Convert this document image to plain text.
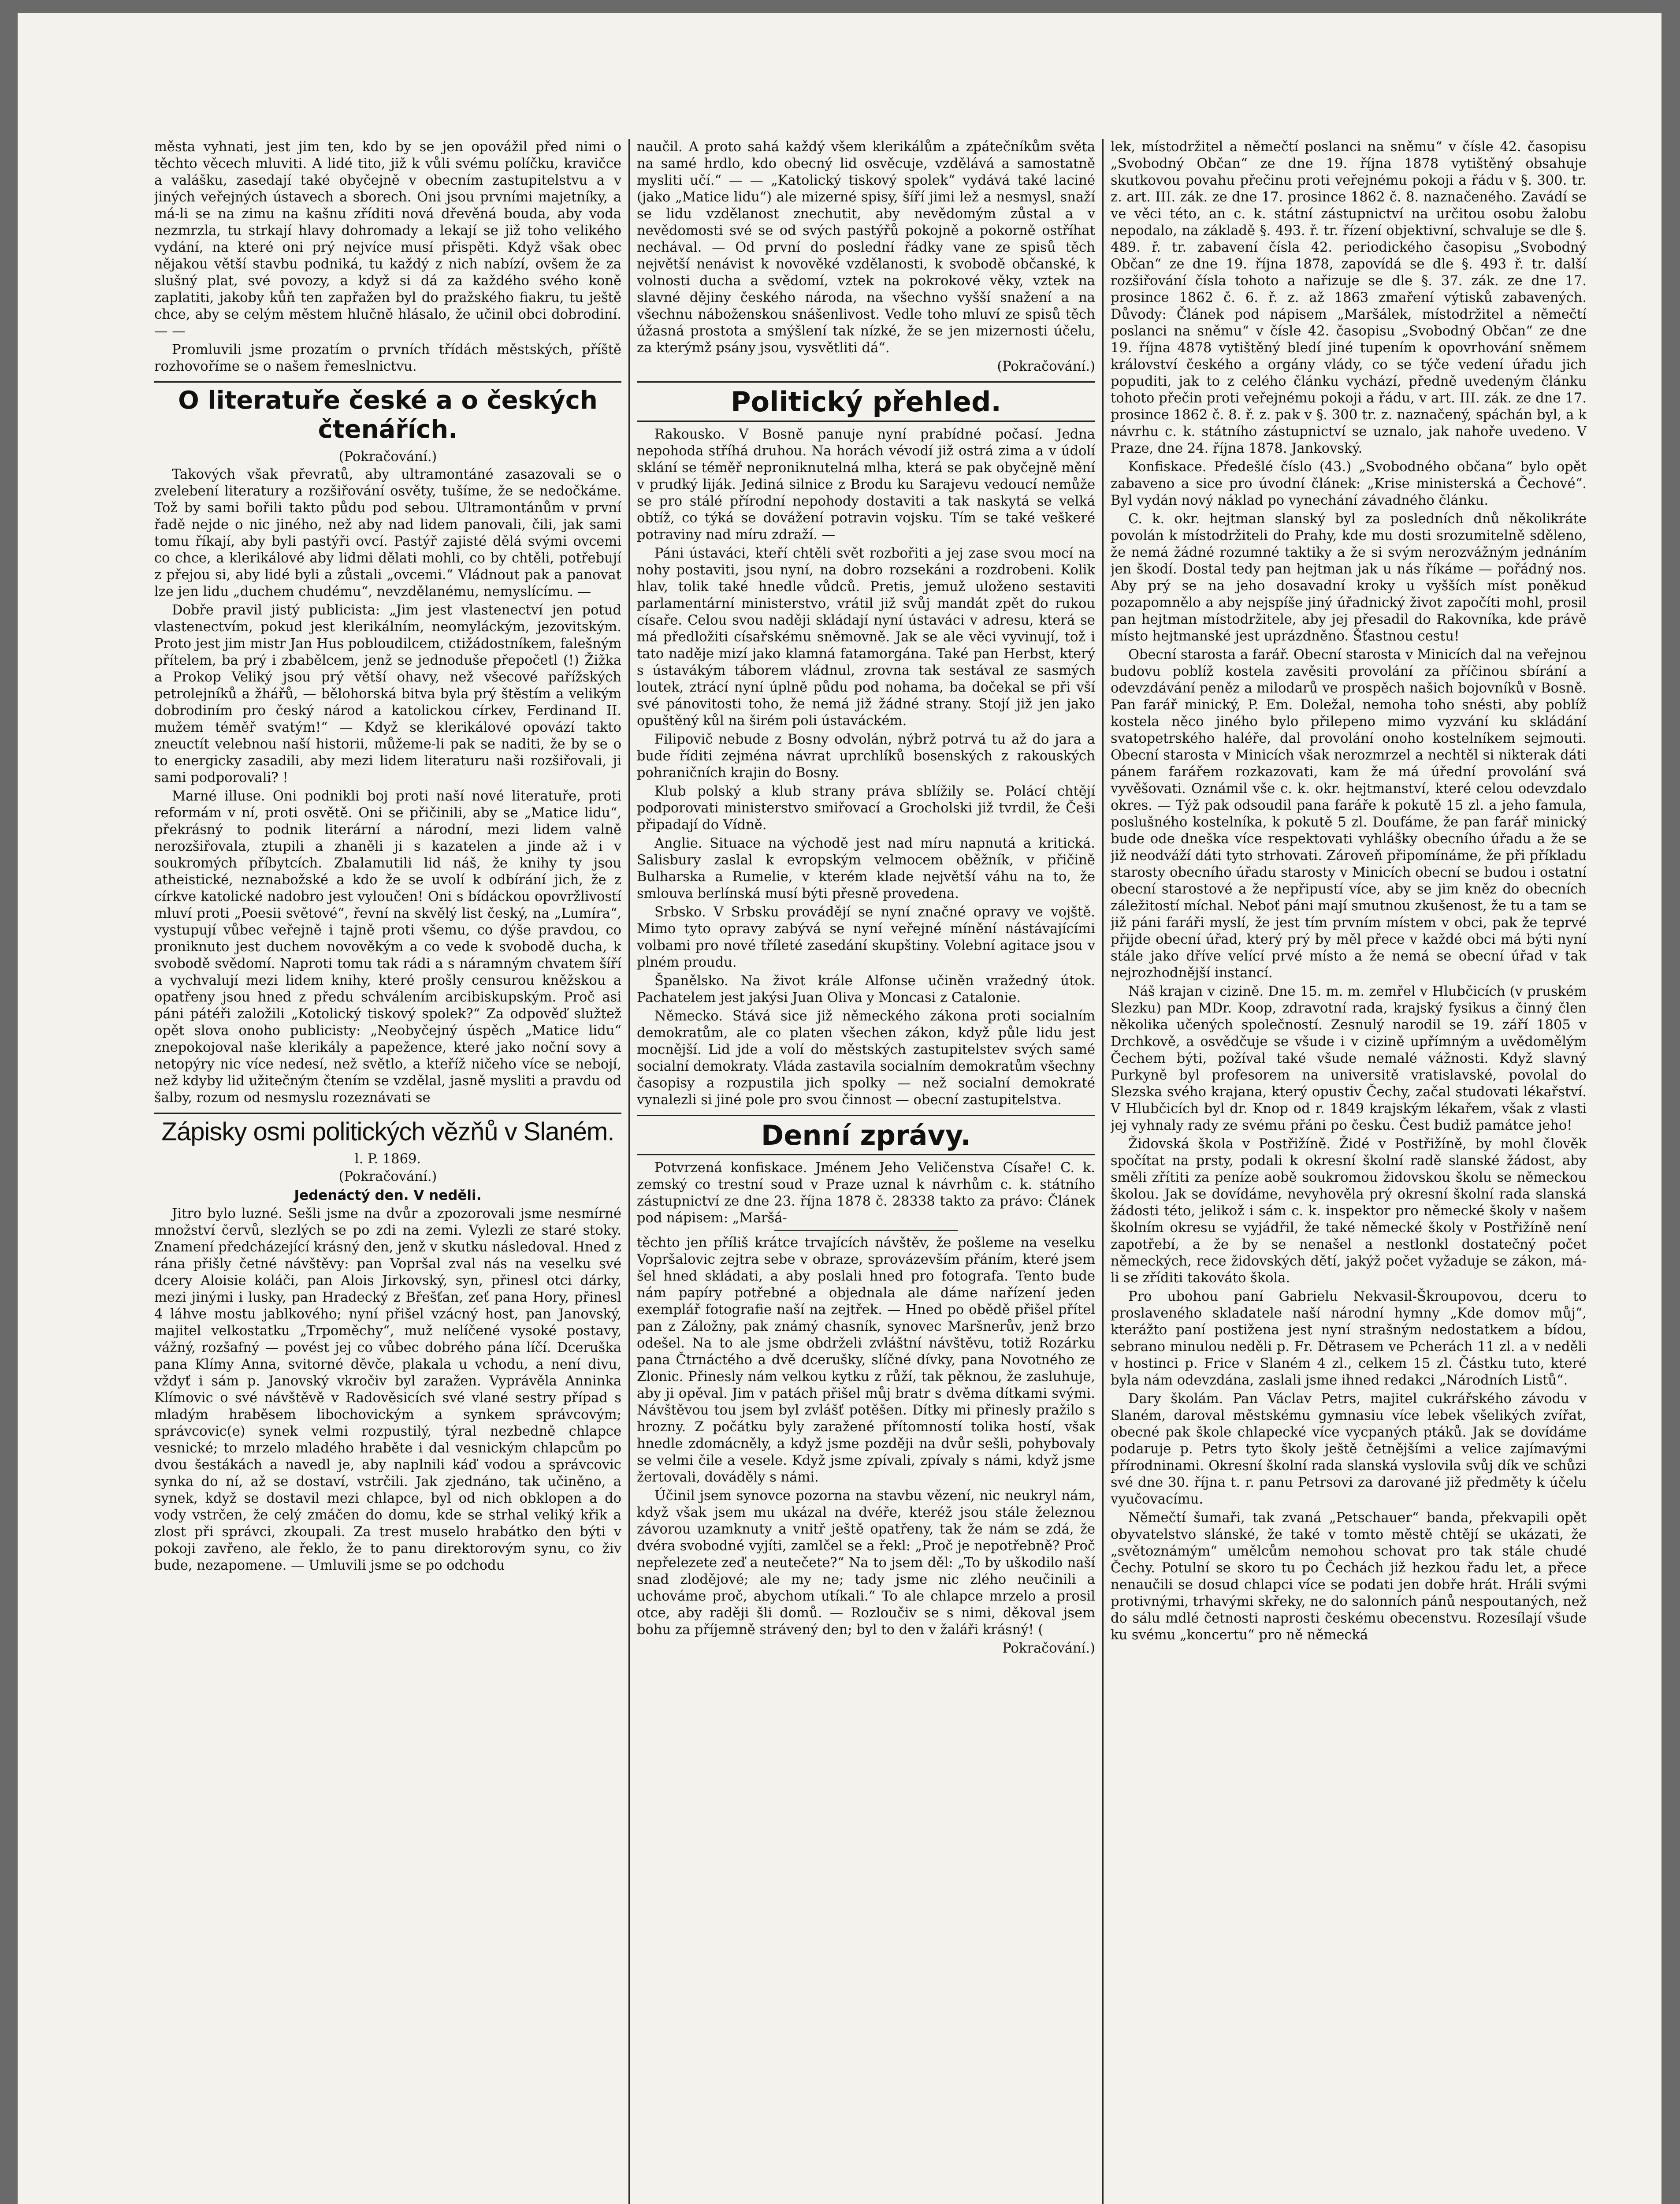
města vyhnati, jest jim ten, kdo by se jen opovážil před nimi o těchto věcech mluviti. A lidé tito, již k vůli svému políčku, kravičce a valášku, zasedají také obyčejně v obecním zastupitelstvu a v jiných veřejných ústavech a sborech. Oni jsou prvními majetníky, a má-li se na zimu na kašnu zříditi nová dřevěná bouda, aby voda nezmrzla, tu strkají hlavy dohromady a lekají se již toho velikého vydání, na které oni prý nejvíce musí přispěti. Když však obec nějakou větší stavbu podniká, tu každý z nich nabízí, ovšem že za slušný plat, své povozy, a když si dá za každého svého koně zaplatiti, jakoby kůň ten zapřažen byl do pražského fiakru, tu ještě chce, aby se celým městem hlučně hlásalo, že učinil obci dobrodiní. — —

Promluvili jsme prozatím o prvních třídách městských, příště rozhovoříme se o našem řemeslnictvu.

O literatuře české a o českých čtenářích.

(Pokračování.)

Takových však převratů, aby ultramontáné zasazovali se o zvelebení literatury a rozšiřování osvěty, tušíme, že se nedočkáme. Tož by sami bořili takto půdu pod sebou. Ultramontánům v první řadě nejde o nic jiného, než aby nad lidem panovali, čili, jak sami tomu říkají, aby byli pastýři ovcí. Pastýř zajisté dělá svými ovcemi co chce, a klerikálové aby lidmi dělati mohli, co by chtěli, potřebují z přejou si, aby lidé byli a zůstali „ovcemi.“ Vládnout pak a panovat lze jen lidu „duchem chudému“, nevzdělanému, nemyslícímu. —

Dobře pravil jistý publicista: „Jim jest vlastenectví jen potud vlastenectvím, pokud jest klerikálním, neomyláckým, jezovitským. Proto jest jim mistr Jan Hus pobloudilcem, ctižádostníkem, falešným přítelem, ba prý i zbabělcem, jenž se jednoduše přepočetl (!) Žižka a Prokop Veliký jsou prý větší ohavy, než všecové pařížských petrolejníků a žhářů, — bělohorská bitva byla prý štěstím a velikým dobrodiním pro český národ a katolickou církev, Ferdinand II. mužem téměř svatým!“ — Když se klerikálové opovází takto zneuctít velebnou naší historii, můžeme-li pak se naditi, že by se o to energicky zasadili, aby mezi lidem literaturu naši rozšiřovali, ji sami podporovali? !

Marné illuse. Oni podnikli boj proti naší nové literatuře, proti reformám v ní, proti osvětě. Oni se přičinili, aby se „Matice lidu“, překrásný to podnik literární a národní, mezi lidem valně nerozšiřovala, ztupili a zhaněli ji s kazatelen a jinde až i v soukromých příbytcích. Zbalamutili lid náš, že knihy ty jsou atheistické, neznabožské a kdo že se uvolí k odbírání jich, že z církve katolické nadobro jest vyloučen! Oni s bídáckou opovržlivostí mluví proti „Poesii světové“, řevní na skvělý list český, na „Lumíra“, vystupují vůbec veřejně i tajně proti všemu, co dýše pravdou, co proniknuto jest duchem novověkým a co vede k svobodě ducha, k svobodě svědomí. Naproti tomu tak rádi a s náramným chvatem šíří a vychvalují mezi lidem knihy, které prošly censurou kněžskou a opatřeny jsou hned z předu schválením arcibiskupským. Proč asi páni pátéři založili „Kotolický tiskový spolek?“ Za odpověď služtež opět slova onoho publicisty: „Neobyčejný úspěch „Matice lidu“ znepokojoval naše klerikály a papežence, které jako noční sovy a netopýry nic více nedesí, než světlo, a kteříž ničeho více se nebojí, než kdyby lid užitečným čtením se vzdělal, jasně mysliti a pravdu od šalby, rozum od nesmyslu rozeznávati se

Zápisky osmi politických vězňů v Slaném.

l. P. 1869.

(Pokračování.)

Jedenáctý den. V neděli.

Jitro bylo luzné. Sešli jsme na dvůr a zpozorovali jsme nesmírné množství červů, slezlých se po zdi na zemi. Vylezli ze staré stoky. Znamení předcházející krásný den, jenž v skutku následoval. Hned z rána přišly četné návštěvy: pan Vopršal zval nás na veselku své dcery Aloisie koláči, pan Alois Jirkovský, syn, přinesl otci dárky, mezi jinými i lusky, pan Hradecký z Břešťan, zeť pana Hory, přinesl 4 láhve mostu jablkového; nyní přišel vzácný host, pan Janovský, majitel velkostatku „Trpoměchy“, muž nelíčené vysoké postavy, vážný, rozšafný — povést jej co vůbec dobrého pána líčí. Dceruška pana Klímy Anna, svitorné děvče, plakala u vchodu, a není divu, vždyť i sám p. Janovský vkročiv byl zaražen. Vyprávěla Anninka Klímovic o své návštěvě v Radověsicích své vlané sestry případ s mladým hraběsem libochovickým a synkem správcovým; správcovic(e) synek velmi rozpustilý, týral nezbedně chlapce vesnické; to mrzelo mladého hraběte i dal vesnickým chlapcům po dvou šestákách a navedl je, aby naplnili káď vodou a správcovic synka do ní, až se dostaví, vstrčili. Jak zjednáno, tak učiněno, a synek, když se dostavil mezi chlapce, byl od nich obklopen a do vody vstrčen, že celý zmáčen do domu, kde se strhal veliký křik a zlost při správci, zkoupali. Za trest muselo hrabátko den býti v pokoji zavřeno, ale řeklo, že to panu direktorovým synu, co živ bude, nezapomene. — Umluvili jsme se po odchodu

naučil. A proto sahá každý všem klerikálům a zpátečníkům světa na samé hrdlo, kdo obecný lid osvěcuje, vzdělává a samostatně mysliti učí.“ — — „Katolický tiskový spolek“ vydává také laciné (jako „Matice lidu“) ale mizerné spisy, šíří jimi lež a nesmysl, snaží se lidu vzdělanost znechutit, aby nevědomým zůstal a v nevědomosti své se od svých pastýřů pokojně a pokorně ostříhat nechával. — Od první do poslední řádky vane ze spisů těch největší nenávist k novověké vzdělanosti, k svobodě občanské, k volnosti ducha a svědomí, vztek na pokrokové věky, vztek na slavné dějiny českého národa, na všechno vyšší snažení a na všechnu náboženskou snášenlivost. Vedle toho mluví ze spisů těch úžasná prostota a smýšlení tak nízké, že se jen mizernosti účelu, za kterýmž psány jsou, vysvětliti dá“.

(Pokračování.)

Politický přehled.

Rakousko. V Bosně panuje nyní prabídné počasí. Jedna nepohoda stříhá druhou. Na horách vévodí již ostrá zima a v údolí sklání se téměř neproniknutelná mlha, která se pak obyčejně mění v prudký liják. Jediná silnice z Brodu ku Sarajevu vedoucí nemůže se pro stálé přírodní nepohody dostaviti a tak naskytá se velká obtíž, co týká se dovážení potravin vojsku. Tím se také veškeré potraviny nad míru zdraží. —

Páni ústaváci, kteří chtěli svět rozbořiti a jej zase svou mocí na nohy postaviti, jsou nyní, na dobro rozsekáni a rozdrobeni. Kolik hlav, tolik také hnedle vůdců. Pretis, jemuž uloženo sestaviti parlamentární ministerstvo, vrátil již svůj mandát zpět do rukou císaře. Celou svou naději skládají nyní ústaváci v adresu, která se má předložiti císařskému sněmovně. Jak se ale věci vyvinují, tož i tato naděje mizí jako klamná fatamorgána. Také pan Herbst, který s ústavákým táborem vládnul, zrovna tak sestával ze sasmých loutek, ztrácí nyní úplně půdu pod nohama, ba dočekal se při vší své pánovitosti toho, že nemá již žádné strany. Stojí již jen jako opuštěný kůl na širém poli ústaváckém.

Filipovič nebude z Bosny odvolán, nýbrž potrvá tu až do jara a bude říditi zejména návrat uprchlíků bosenských z rakouských pohraničních krajin do Bosny.

Klub polský a klub strany práva sblížily se. Polácí chtějí podporovati ministerstvo smiřovací a Grocholski již tvrdil, že Češi připadají do Vídně.

Anglie. Situace na východě jest nad míru napnutá a kritická. Salisbury zaslal k evropským velmocem oběžník, v přičině Bulharska a Rumelie, v kterém klade největší váhu na to, že smlouva berlínská musí býti přesně provedena.

Srbsko. V Srbsku provádějí se nyní značné opravy ve vojště. Mimo tyto opravy zabývá se nyní veřejné mínění nástávajícími volbami pro nové tříleté zasedání skupštiny. Volební agitace jsou v plném proudu.

Španělsko. Na život krále Alfonse učiněn vražedný útok. Pachatelem jest jakýsi Juan Oliva y Moncasi z Catalonie.

Německo. Stává sice již německého zákona proti socialním demokratům, ale co platen všechen zákon, když půle lidu jest mocnější. Lid jde a volí do městských zastupitelstev svých samé socialní demokraty. Vláda zastavila socialním demokratům všechny časopisy a rozpustila jich spolky — než socialní demokraté vynalezli si jiné pole pro svou činnost — obecní zastupitelstva.

Denní zprávy.

Potvrzená konfiskace. Jménem Jeho Veličenstva Císaře! C. k. zemský co trestní soud v Praze uznal k návrhům c. k. státního zástupnictví ze dne 23. října 1878 č. 28338 takto za právo: Článek pod nápisem: „Maršá-

těchto jen příliš krátce trvajících návštěv, že pošleme na veselku Vopršalovic zejtra sebe v obraze, sprovázevším přáním, které jsem šel hned skládati, a aby poslali hned pro fotografa. Tento bude nám papíry potřebné a objednala ale dáme nařízení jeden exemplář fotografie naší na zejtřek. — Hned po obědě přišel přítel pan z Záložny, pak známý chasník, synovec Maršnerův, jenž brzo odešel. Na to ale jsme obdrželi zvláštní návštěvu, totiž Rozárku pana Čtrnáctého a dvě dcerušky, slíčné dívky, pana Novotného ze Zlonic. Přinesly nám velkou kytku z růží, tak pěknou, že zasluhuje, aby ji opěval. Jim v patách přišel můj bratr s dvěma dítkami svými. Návštěvou tou jsem byl zvlášť potěšen. Dítky mi přinesly pražilo s hrozny. Z počátku byly zaražené přítomností tolika hostí, však hnedle zdomácněly, a když jsme později na dvůr sešli, pohybovaly se velmi čile a vesele. Když jsme zpívali, zpívaly s námi, když jsme žertovali, dováděly s námi.

Účinil jsem synovce pozorna na stavbu vězení, nic neukryl nám, když však jsem mu ukázal na dvéře, kteréž jsou stále železnou závorou uzamknuty a vnitř ještě opatřeny, tak že nám se zdá, že dvéra svobodné vyjíti, zamlčel se a řekl: „Proč je nepotřebně? Proč nepřelezete zeď a neutečete?“ Na to jsem děl: „To by uškodilo naší snad zlodějové; ale my ne; tady jsme nic zlého neučinili a uchováme proč, abychom utíkali.“ To ale chlapce mrzelo a prosil otce, aby raději šli domů. — Rozloučiv se s nimi, děkoval jsem bohu za příjemně strávený den; byl to den v žaláři krásný! (

Pokračování.)

lek, místodržitel a němečtí poslanci na sněmu“ v čísle 42. časopisu „Svobodný Občan“ ze dne 19. října 1878 vytištěný obsahuje skutkovou povahu přečinu proti veřejnému pokoji a řádu v §. 300. tr. z. art. III. zák. ze dne 17. prosince 1862 č. 8. naznačeného. Zavádí se ve věci této, an c. k. státní zástupnictví na určitou osobu žalobu nepodalo, na základě §. 493. ř. tr. řízení objektivní, schvaluje se dle §. 489. ř. tr. zabavení čísla 42. periodického časopisu „Svobodný Občan“ ze dne 19. října 1878, zapovídá se dle §. 493 ř. tr. další rozšiřování čísla tohoto a nařizuje se dle §. 37. zák. ze dne 17. prosince 1862 č. 6. ř. z. až 1863 zmaření výtisků zabavených. Důvody: Článek pod nápisem „Maršálek, místodržitel a němečtí poslanci na sněmu“ v čísle 42. časopisu „Svobodný Občan“ ze dne 19. října 4878 vytištěný bledí jiné tupením k opovrhování sněmem království českého a orgány vlády, co se týče vedení úřadu jich popuditi, jak to z celého článku vychází, předně uvedeným článku tohoto přečin proti veřejnému pokoji a řádu, v art. III. zák. ze dne 17. prosince 1862 č. 8. ř. z. pak v §. 300 tr. z. naznačený, spáchán byl, a k návrhu c. k. státního zástupnictví se uznalo, jak nahoře uvedeno. V Praze, dne 24. října 1878. Jankovský.

Konfiskace. Předešlé číslo (43.) „Svobodného občana“ bylo opět zabaveno a sice pro úvodní článek: „Krise ministerská a Čechové“. Byl vydán nový náklad po vynechání závadného článku.

C. k. okr. hejtman slanský byl za posledních dnů několikráte povolán k místodržiteli do Prahy, kde mu dosti srozumitelně sděleno, že nemá žádné rozumné taktiky a že si svým nerozvážným jednáním jen škodí. Dostal tedy pan hejtman jak u nás říkáme — pořádný nos. Aby prý se na jeho dosavadní kroky u vyšších míst poněkud pozapomnělo a aby nejspíše jiný úřadnický život započíti mohl, prosil pan hejtman místodržitele, aby jej přesadil do Rakovníka, kde právě místo hejtmanské jest uprázdněno. Šťastnou cestu!

Obecní starosta a farář. Obecní starosta v Minicích dal na veřejnou budovu poblíž kostela zavěsiti provolání za příčinou sbírání a odevzdávání peněz a milodarů ve prospěch našich bojovníků v Bosně. Pan farář minický, P. Em. Doležal, nemoha toho snésti, aby poblíž kostela něco jiného bylo přilepeno mimo vyzvání ku skládání svatopetrského haléře, dal provolání onoho kostelníkem sejmouti. Obecní starosta v Minicích však nerozmrzel a nechtěl si nikterak dáti pánem farářem rozkazovati, kam že má úřední provolání svá vyvěšovati. Oznámil vše c. k. okr. hejtmanství, které celou odevzdalo okres. — Týž pak odsoudil pana faráře k pokutě 15 zl. a jeho famula, poslušného kostelníka, k pokutě 5 zl. Doufáme, že pan farář minický bude ode dneška více respektovati vyhlášky obecního úřadu a že se již neodváží dáti tyto strhovati. Zároveň připomínáme, že při příkladu starosty obecního úřadu starosty v Minicích obecní se budou i ostatní obecní starostové a že nepřipustí více, aby se jim kněz do obecních záležitostí míchal. Neboť páni mají smutnou zkušenost, že tu a tam se již páni faráři myslí, že jest tím prvním místem v obci, pak že teprvé přijde obecní úřad, který prý by měl přece v každé obci má býti nyní stále jako dříve velící prvé místo a že nemá se obecní úřad v tak nejrozhodnější instancí.

Náš krajan v cizině. Dne 15. m. m. zemřel v Hlubčicích (v pruském Slezku) pan MDr. Koop, zdravotní rada, krajský fysikus a činný člen několika učených společností. Zesnulý narodil se 19. září 1805 v Drchkově, a osvědčuje se všude i v cizině upřímným a uvědomělým Čechem býti, požíval také všude nemalé vážnosti. Když slavný Purkyně byl profesorem na universitě vratislavské, povolal do Slezska svého krajana, který opustiv Čechy, začal studovati lékařství. V Hlubčicích byl dr. Knop od r. 1849 krajským lékařem, však z vlasti jej vyhnaly rady ze svému přáni po česku. Čest budiž památce jeho!

Židovská škola v Postřižíně. Židé v Postřižíně, by mohl člověk spočítat na prsty, podali k okresní školní radě slanské žádost, aby směli zřítiti za peníze aobě soukromou židovskou školu se německou školou. Jak se dovídáme, nevyhověla prý okresní školní rada slanská žádosti této, jelikož i sám c. k. inspektor pro německé školy v našem školním okresu se vyjádřil, že také německé školy v Postřižíně není zapotřebí, a že by se nenašel a nestlonkl dostatečný počet německých, rece židovských dětí, jakýž počet vyžaduje se zákon, má-li se zříditi takováto škola.

Pro ubohou paní Gabrielu Nekvasil-Škroupovou, dceru to proslaveného skladatele naší národní hymny „Kde domov můj“, kterážto paní postižena jest nyní strašným nedostatkem a bídou, sebrano minulou neděli p. Fr. Dětrasem ve Pcherách 11 zl. a v neděli v hostinci p. Frice v Slaném 4 zl., celkem 15 zl. Částku tuto, které byla nám odevzdána, zaslali jsme ihned redakci „Národních Listů“.

Dary školám. Pan Václav Petrs, majitel cukrářského závodu v Slaném, daroval městskému gymnasiu více lebek všelikých zvířat, obecné pak škole chlapecké více vycpaných ptáků. Jak se dovídáme podaruje p. Petrs tyto školy ještě četnějšími a velice zajímavými přírodninami. Okresní školní rada slanská vyslovila svůj dík ve schůzi své dne 30. října t. r. panu Petrsovi za darované již předměty k účelu vyučovacímu.

Němečtí šumaři, tak zvaná „Petschauer“ banda, překvapili opět obyvatelstvo slánské, že také v tomto městě chtějí se ukázati, že „světoznámým“ umělcům nemohou schovat pro tak stále chudé Čechy. Potulní se skoro tu po Čechách již hezkou řadu let, a přece nenaučili se dosud chlapci více se podati jen dobře hrát. Hráli svými protivnými, trhavými skřeky, ne do salonních pánů nespoutaných, než do sálu mdlé četnosti naprosti českému obecenstvu. Rozesílají všude ku svému „koncertu“ pro ně německá
